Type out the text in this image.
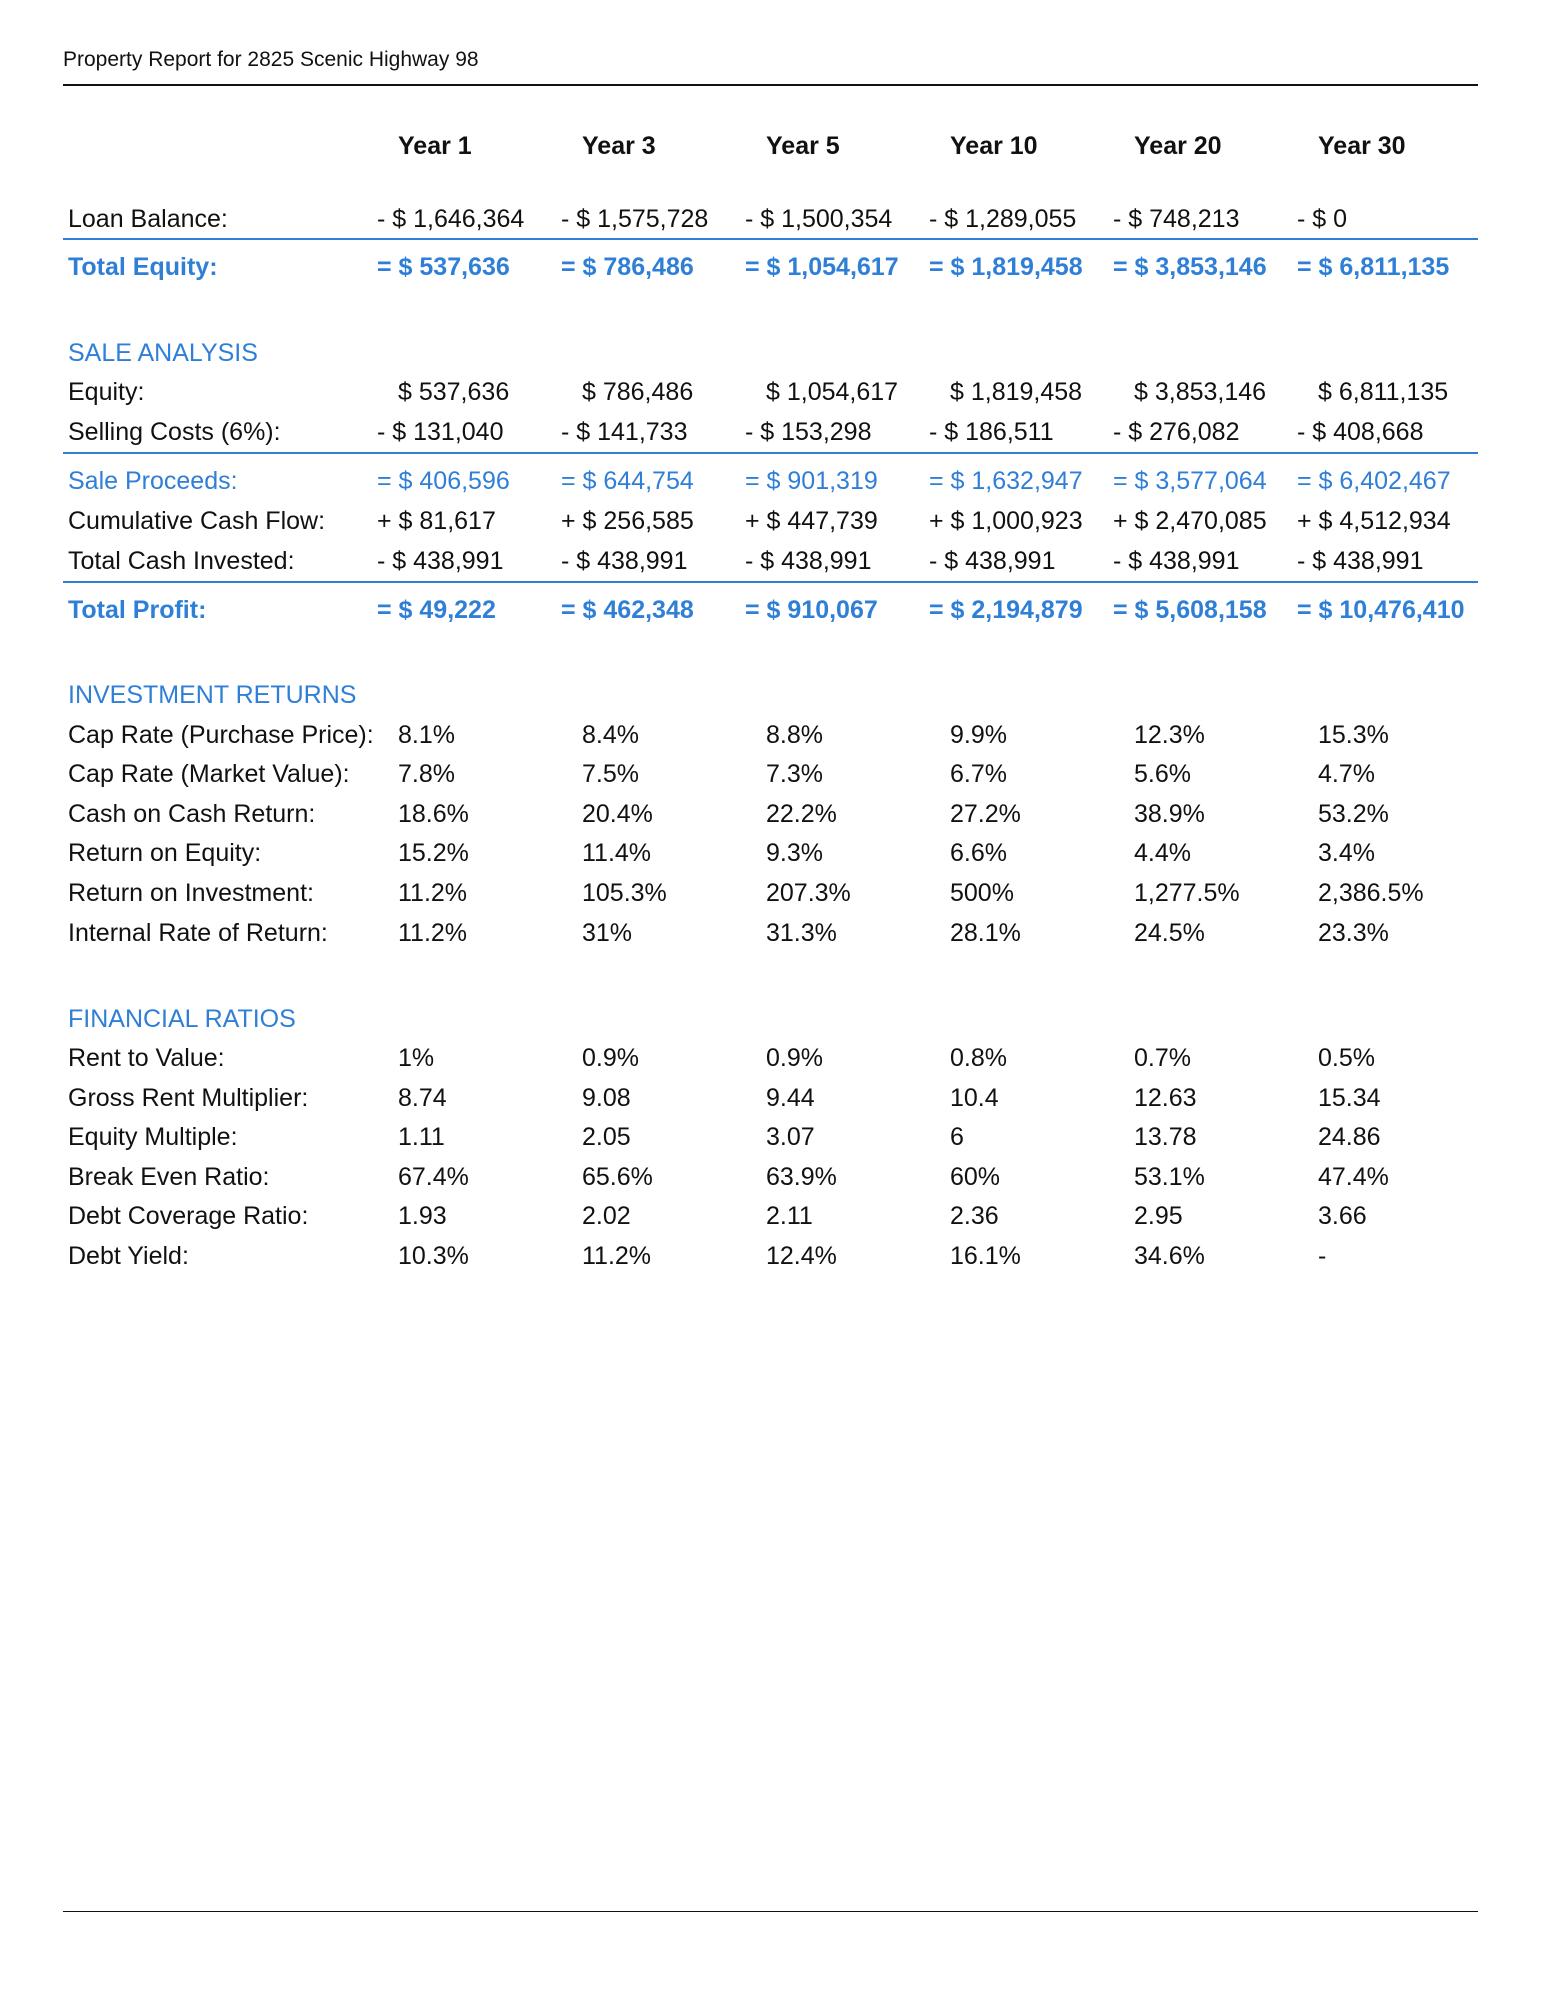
Property Report for 2825 Scenic Highway 98
Year 1	Year 3	Year 5	Year 10	Year 20	Year 30
Loan Balance:	- $ 1,646,364 - $ 1,575,728 - $ 1,500,354 - $ 1,289,055 - $ 748,213 - $ 0
Total Equity:	= $ 537,636 = $ 786,486 = $ 1,054,617 = $ 1,819,458 = $ 3,853,146 = $ 6,811,135
SALE ANALYSIS
Equity:	$ 537,636	$ 786,486	$ 1,054,617 $ 1,819,458 $ 3,853,146 $ 6,811,135
Selling Costs (6%):	- $ 131,040 - $ 141,733 - $ 153,298 - $ 186,511 - $ 276,082 - $ 408,668
Sale Proceeds:	= $ 406,596 = $ 644,754 = $ 901,319 = $ 1,632,947 = $ 3,577,064 = $ 6,402,467
Cumulative Cash Flow: + $ 81,617	+ $ 256,585 + $ 447,739 + $ 1,000,923 + $ 2,470,085 + $ 4,512,934
Total Cash Invested:	- $ 438,991 - $ 438,991 - $ 438,991 - $ 438,991 - $ 438,991 - $ 438,991
Total Profit:	= $ 49,222	= $ 462,348 = $ 910,067 = $ 2,194,879 = $ 5,608,158 = $ 10,476,410
INVESTMENT RETURNS
Cap Rate (Purchase Price): 8.1%	8.4%	8.8%	9.9%	12.3%	15.3%
Cap Rate (Market Value): 7.8%	7.5%	7.3%	6.7%	5.6%	4.7%
Cash on Cash Return:	18.6%	20.4%	22.2%	27.2%	38.9%	53.2%
Return on Equity:	15.2%	11.4%	9.3%	6.6%	4.4%	3.4%
Return on Investment:	11.2%	105.3%	207.3%	500%	1,277.5%	2,386.5%
Internal Rate of Return:	11.2%	31%	31.3%	28.1%	24.5%	23.3%
FINANCIAL RATIOS
Rent to Value:	1%	0.9%	0.9%	0.8%	0.7%	0.5%
Gross Rent Multiplier:	8.74	9.08	9.44	10.4	12.63	15.34
Equity Multiple:	1.11	2.05	3.07	6	13.78	24.86
Break Even Ratio:	67.4%	65.6%	63.9%	60%	53.1%	47.4%
Debt Coverage Ratio:	1.93	2.02	2.11	2.36	2.95	3.66
Debt Yield:	10.3%	11.2%	12.4%	16.1%	34.6%	-
